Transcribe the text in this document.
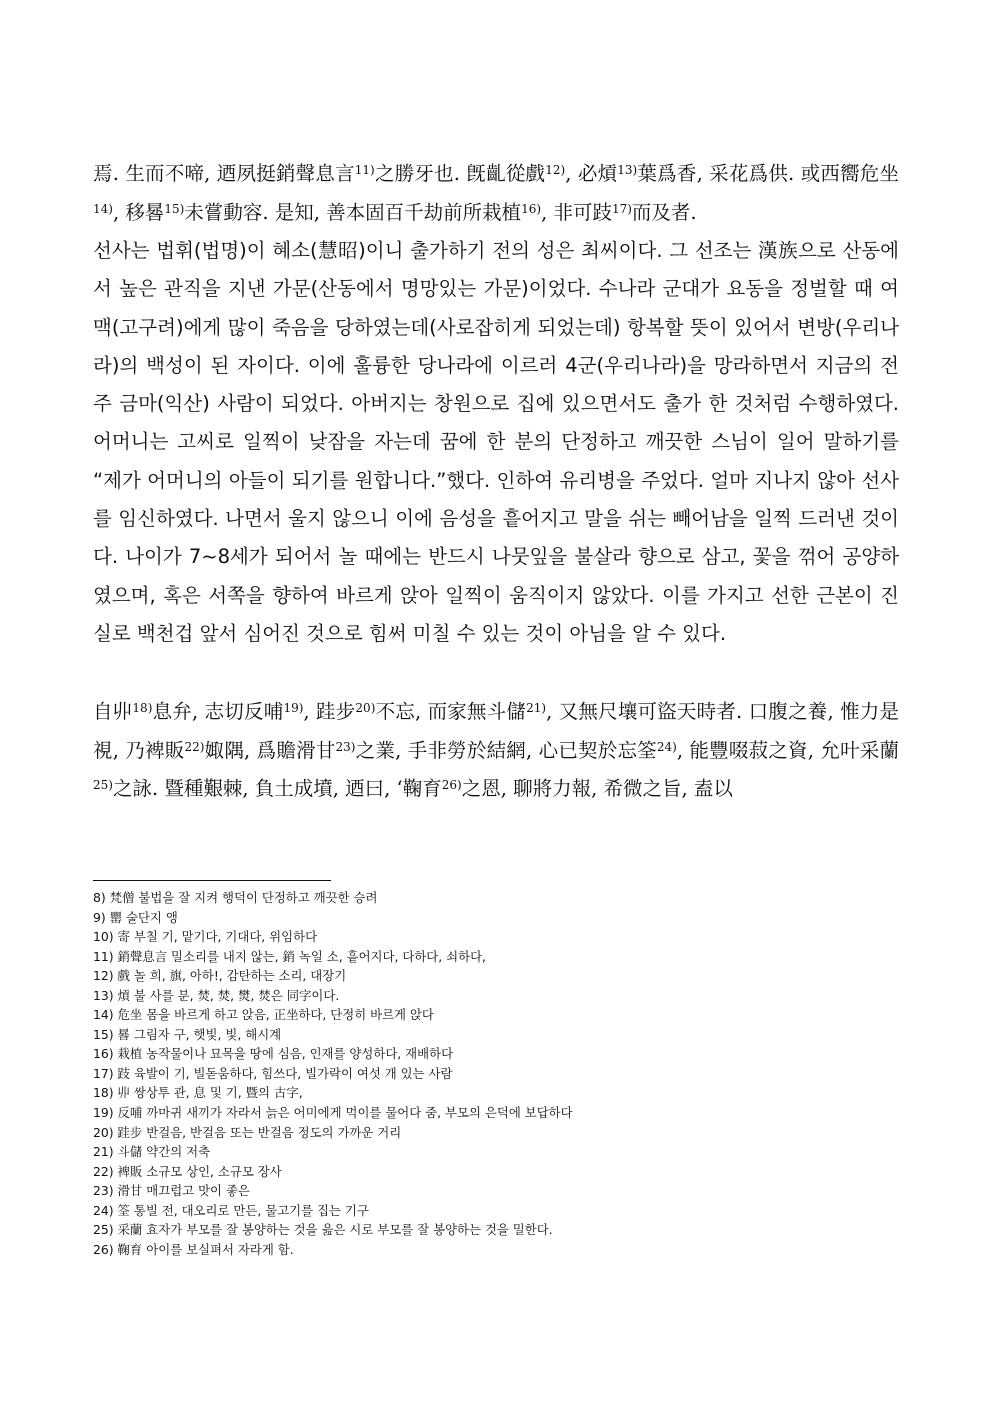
焉. 生而不啼, 迺夙挺銷聲息言$^{11)}$之勝牙也. 旣齓從戲$^{12)}$, 必熕$^{13)}$葉爲香, 采花爲供. 或西嚮危坐$^{14)}$, 移晷$^{15)}$未嘗動容. 是知, 善本固百千劫前所栽植$^{16)}$, 非可跂$^{17)}$而及者.

선사는 법휘(법명)이 혜소(慧昭)이니 출가하기 전의 성은 최씨이다. 그 선조는 漢族으로 산동에서 높은 관직을 지낸 가문(산동에서 명망있는 가문)이었다. 수나라 군대가 요동을 정벌할 때 여맥(고구려)에게 많이 죽음을 당하였는데(사로잡히게 되었는데) 항복할 뜻이 있어서 변방(우리나라)의 백성이 된 자이다. 이에 훌륭한 당나라에 이르러 4군(우리나라)을 망라하면서 지금의 전주 금마(익산) 사람이 되었다. 아버지는 창원으로 집에 있으면서도 출가 한 것처럼 수행하였다. 어머니는 고씨로 일찍이 낮잠을 자는데 꿈에 한 분의 단정하고 깨끗한 스님이 일어 말하기를 “제가 어머니의 아들이 되기를 원합니다.”했다. 인하여 유리병을 주었다. 얼마 지나지 않아 선사를 임신하였다. 나면서 울지 않으니 이에 음성을 흩어지고 말을 쉬는 빼어남을 일찍 드러낸 것이다. 나이가 7~8세가 되어서 놀 때에는 반드시 나뭇잎을 불살라 향으로 삼고, 꽃을 꺾어 공양하였으며, 혹은 서쪽을 향하여 바르게 앉아 일찍이 움직이지 않았다. 이를 가지고 선한 근본이 진실로 백천겁 앞서 심어진 것으로 힘써 미칠 수 있는 것이 아님을 알 수 있다.

自丱$^{18)}$息弁, 志切反哺$^{19)}$, 跬步$^{20)}$不忘, 而家無斗儲$^{21)}$, 又無尺壤可盜天時者. 口腹之養, 惟力是視, 乃裨販$^{22)}$娵隅, 爲贍滑甘$^{23)}$之業, 手非勞於結網, 心已契於忘筌$^{24)}$, 能豐啜菽之資, 允叶采蘭$^{25)}$之詠. 暨種艱棘, 負土成墳, 迺曰, ‘鞠育$^{26)}$之恩, 聊將力報, 希微之旨, 盍以

8) 梵僧 불법을 잘 지켜 행덕이 단정하고 깨끗한 승려
9) 罌 술단지 앵
10) 寄 부칠 기, 맡기다, 기대다, 위임하다
11) 銷聲息言 밀소리를 내지 않는, 銷 녹일 소, 흩어지다, 다하다, 쇠하다,
12) 戲 놀 희, 旗, 아하!, 감탄하는 소리, 대장기
13) 熕 불 사를 분, 焚, 焚, 燓, 焚은 同字이다.
14) 危坐 몸을 바르게 하고 앉음, 正坐하다, 단정히 바르게 앉다
15) 晷 그림자 구, 햇빛, 빛, 해시계
16) 栽植 농작물이나 묘목을 땅에 심음, 인재를 양성하다, 재배하다
17) 跂 육발이 기, 빌돋움하다, 힘쓰다, 빌가락이 여섯 개 있는 사람
18) 丱 쌍상투 관, 息 및 기, 暨의 古字,
19) 反哺 까마귀 새끼가 자라서 늙은 어미에게 먹이를 물어다 줌, 부모의 은덕에 보답하다
20) 跬步 반걸음, 반걸음 또는 반걸음 정도의 가까운 거리
21) 斗儲 약간의 저축
22) 裨販 소규모 상인, 소규모 장사
23) 滑甘 매끄럽고 맛이 좋은
24) 筌 통빌 전, 대오리로 만든, 물고기를 집는 기구
25) 采蘭 효자가 부모를 잘 봉양하는 것을 읊은 시로 부모를 잘 봉양하는 것을 밀한다.
26) 鞠育 아이를 보실펴서 자라게 함.
